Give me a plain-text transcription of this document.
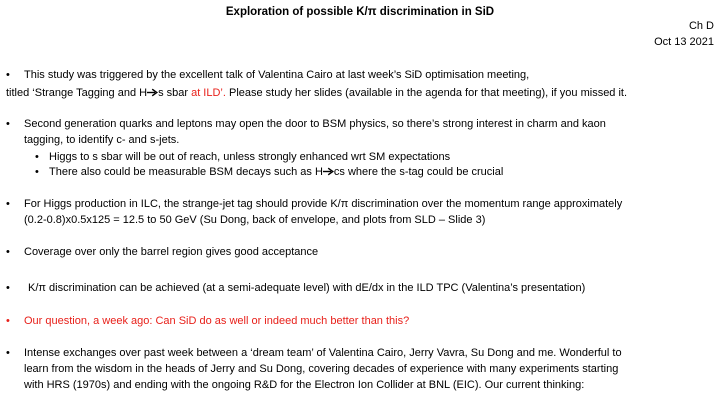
Exploration of possible K/π discrimination in SiD
Ch D
Oct 13 2021
• This study was triggered by the excellent talk of Valentina Cairo at last week’s SiD optimisation meeting,
titled ‘Strange Tagging and H s sbar at ILD’. Please study her slides (available in the agenda for that meeting), if you missed it.
• Second generation quarks and leptons may open the door to BSM physics, so there’s strong interest in charm and kaon
tagging, to identify c- and s-jets.
• Higgs to s sbar will be out of reach, unless strongly enhanced wrt SM expectations
• There also could be measurable BSM decays such as H cs where the s-tag could be crucial
• For Higgs production in ILC, the strange-jet tag should provide K/π discrimination over the momentum range approximately
(0.2-0.8)x0.5x125 = 12.5 to 50 GeV (Su Dong, back of envelope, and plots from SLD – Slide 3)
• Coverage over only the barrel region gives good acceptance
• K/π discrimination can be achieved (at a semi-adequate level) with dE/dx in the ILD TPC (Valentina’s presentation)
• Our question, a week ago: Can SiD do as well or indeed much better than this?
• Intense exchanges over past week between a ‘dream team’ of Valentina Cairo, Jerry Vavra, Su Dong and me. Wonderful to
learn from the wisdom in the heads of Jerry and Su Dong, covering decades of experience with many experiments starting
with HRS (1970s) and ending with the ongoing R&D for the Electron Ion Collider at BNL (EIC). Our current thinking:
